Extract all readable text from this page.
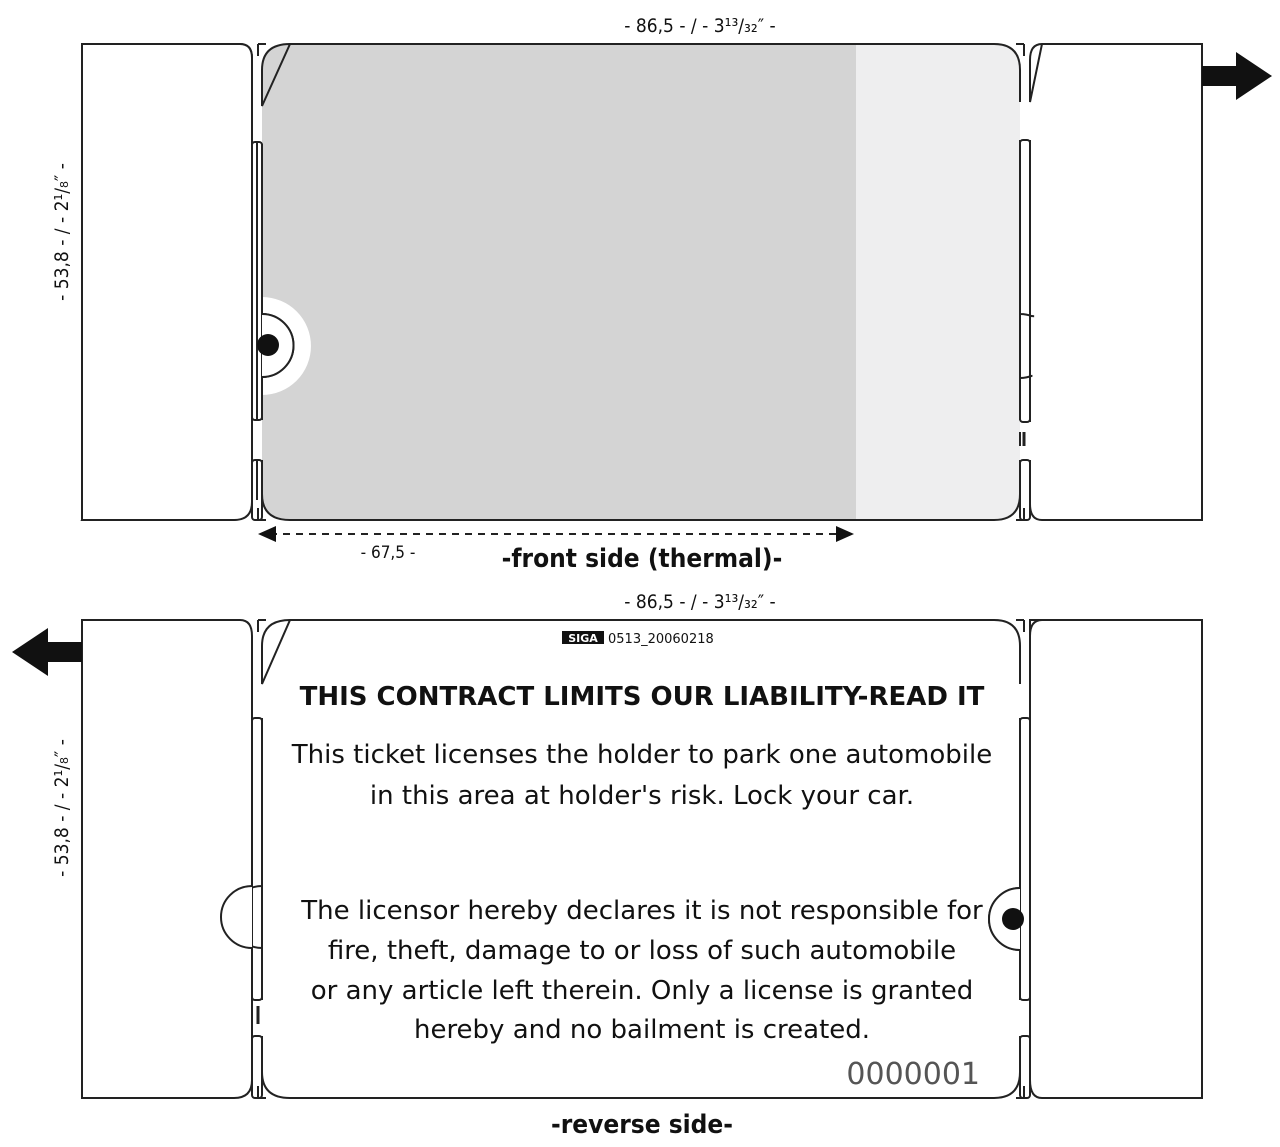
- 86,5 - / - 3¹³/₃₂″ -
- 53,8 - / - 2¹/₈″ -
- 67,5 -	-front side (thermal)-
- 86,5 - / - 3¹³/₃₂″ -
- 53,8 - / - 2¹/₈″ -
SIGA 0513_20060218
THIS CONTRACT LIMITS OUR LIABILITY-READ IT
This ticket licenses the holder to park one automobile
in this area at holder's risk. Lock your car.
The licensor hereby declares it is not responsible for
fire, theft, damage to or loss of such automobile
or any article left therein. Only a license is granted
hereby and no bailment is created.
0000001
-reverse side-
